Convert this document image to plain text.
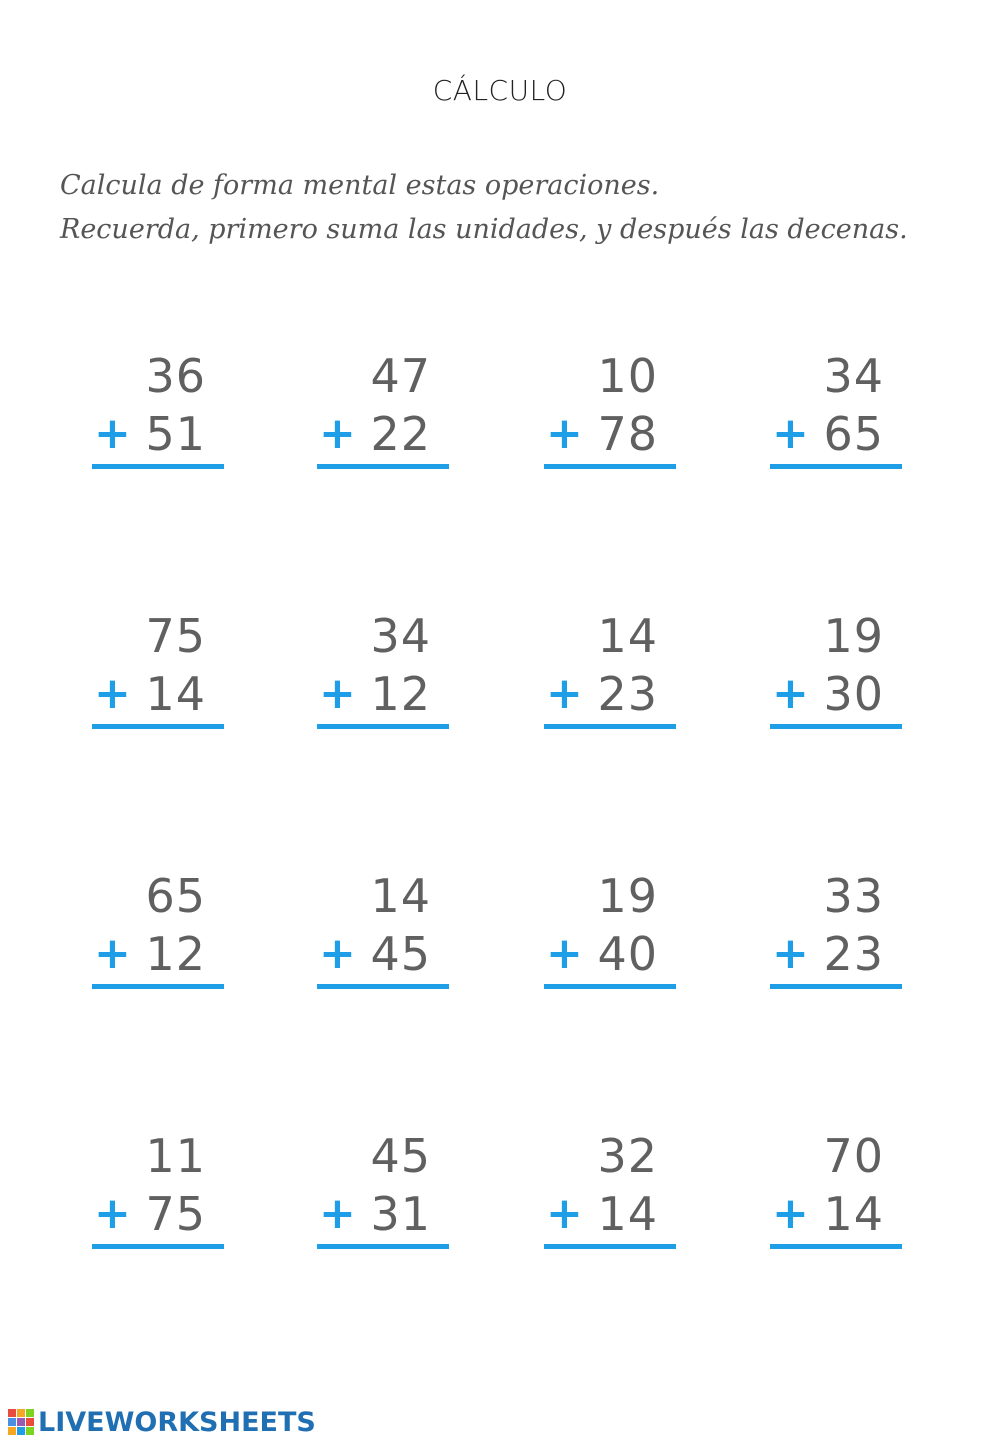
CÁLCULO
Calcula de forma mental estas operaciones.
Recuerda, primero suma las unidades, y después las decenas.
36
+ 51
47
+ 22
10
+ 78
34
+ 65
75
+ 14
34
+ 12
14
+ 23
19
+ 30
65
+ 12
14
+ 45
19
+ 40
33
+ 23
11
+ 75
45
+ 31
32
+ 14
70
+ 14
LIVEWORKSHEETS
